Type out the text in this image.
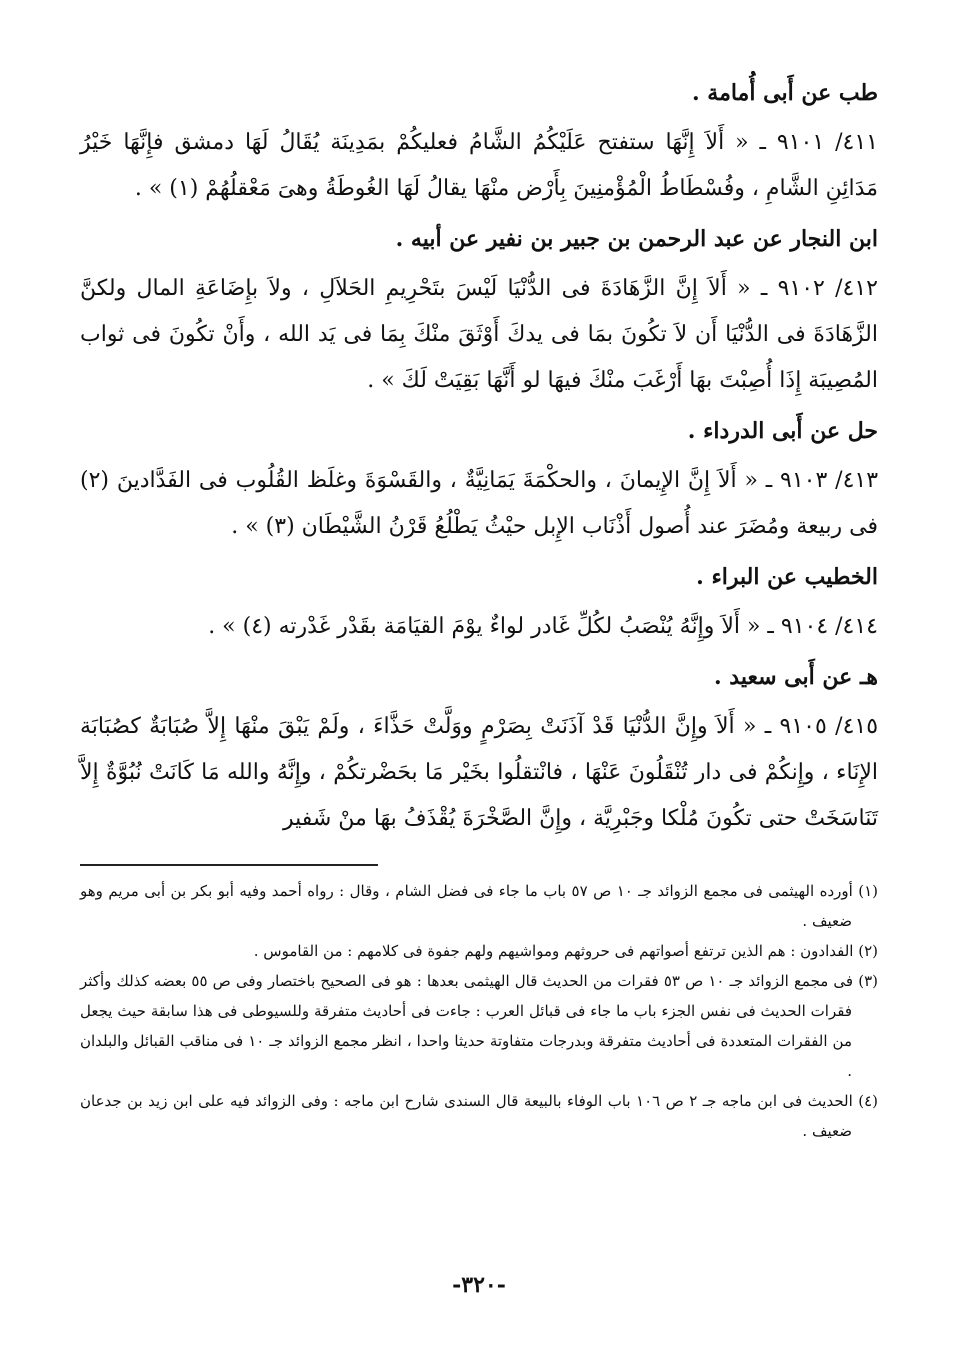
طب عن أَبى أُمامة .

٤١١/ ٩١٠١ ـ « أَلاَ إِنَّهَا ستفتح عَلَيْكُمُ الشَّامُ فعليكُمْ بمَدِينَة يُقَالُ لَهَا دمشق فإِنَّهَا خَيْرُ مَدَائِنِ الشَّامِ ، وفُسْطَاطُ الْمُؤْمنِينَ بِأَرْض منْهَا يقالُ لَهَا الغُوطَةُ وهىَ مَعْقلُهُمْ (١) » .

ابن النجار عن عبد الرحمن بن جبير بن نفير عن أبيه .

٤١٢/ ٩١٠٢ ـ « أَلاَ إِنَّ الزَّهَادَةَ فى الدُّنْيَا لَيْسَ بتَحْرِيمِ الحَلاَلِ ، ولاَ بإِضَاعَةِ المال ولكنَّ الزَّهَادَةَ فى الدُّنْيَا أَن لاَ تكُونَ بمَا فى يدكَ أَوْثَقَ منْكَ بِمَا فى يَد الله ، وأَنْ تكُونَ فى ثواب المُصِيبَة إِذَا أُصِبْتَ بهَا أَرْغَبَ منْكَ فيهَا لو أَنَّهَا بَقِيَتْ لَكَ » .

حل عن أَبى الدرداء .

٤١٣/ ٩١٠٣ ـ « أَلاَ إِنَّ الإِيمانَ ، والحكْمَةَ يَمَانِيَّةٌ ، والقَسْوَةَ وغلَظ القُلُوب فى الفَدَّادينَ (٢) فى ربيعة ومُضَرَ عند أُصول أَذْنَاب الإِبل حيْثُ يَطْلُعُ قَرْنُ الشَّيْطَان (٣) » .

الخطيب عن البراء .

٤١٤/ ٩١٠٤ ـ « أَلاَ وإِنَّهُ يُنْصَبُ لكُلِّ غَادر لواءٌ يوْمَ القيَامَة بقَدْر غَدْرته (٤) » .

هـ عن أَبى سعيد .

٤١٥/ ٩١٠٥ ـ « أَلاَ وإِنَّ الدُّنْيَا قَدْ آذَنَتْ بِصَرْمٍ ووَلَّتْ حَذَّاءَ ، ولَمْ يَبْقَ منْهَا إِلاَّ صُبَابَةٌ كصُبَابَة الإِنَاء ، وإِنكُمْ فى دار تُنْقَلُونَ عَنْهَا ، فانْتقلُوا بخَيْر مَا بحَضْرتكُمْ ، وإِنَّهُ والله مَا كَانَتْ نُبُوَّةٌ إِلاَّ تَنَاسَخَتْ حتى تكُونَ مُلْكا وجَبْرِيَّة ، وإِنَّ الصَّخْرَةَ يُقْذَفُ بهَا منْ شَفير

(١) أورده الهيثمى فى مجمع الزوائد جـ ١٠ ص ٥٧ باب ما جاء فى فضل الشام ، وقال : رواه أحمد وفيه أبو بكر بن أبى مريم وهو ضعيف .

(٢) الفدادون : هم الذين ترتفع أصواتهم فى حروثهم ومواشيهم ولهم جفوة فى كلامهم : من القاموس .

(٣) فى مجمع الزوائد جـ ١٠ ص ٥٣ فقرات من الحديث قال الهيثمى بعدها : هو فى الصحيح باختصار وفى ص ٥٥ بعضه كذلك وأكثر فقرات الحديث فى نفس الجزء باب ما جاء فى قبائل العرب : جاءت فى أحاديث متفرقة وللسيوطى فى هذا سابقة حيث يجعل من الفقرات المتعددة فى أحاديث متفرقة وبدرجات متفاوتة حديثا واحدا ، انظر مجمع الزوائد جـ ١٠ فى مناقب القبائل والبلدان .

(٤) الحديث فى ابن ماجه جـ ٢ ص ١٠٦ باب الوفاء بالبيعة قال السندى شارح ابن ماجه : وفى الزوائد فيه على ابن زيد بن جدعان ضعيف .

-٣٢٠-
